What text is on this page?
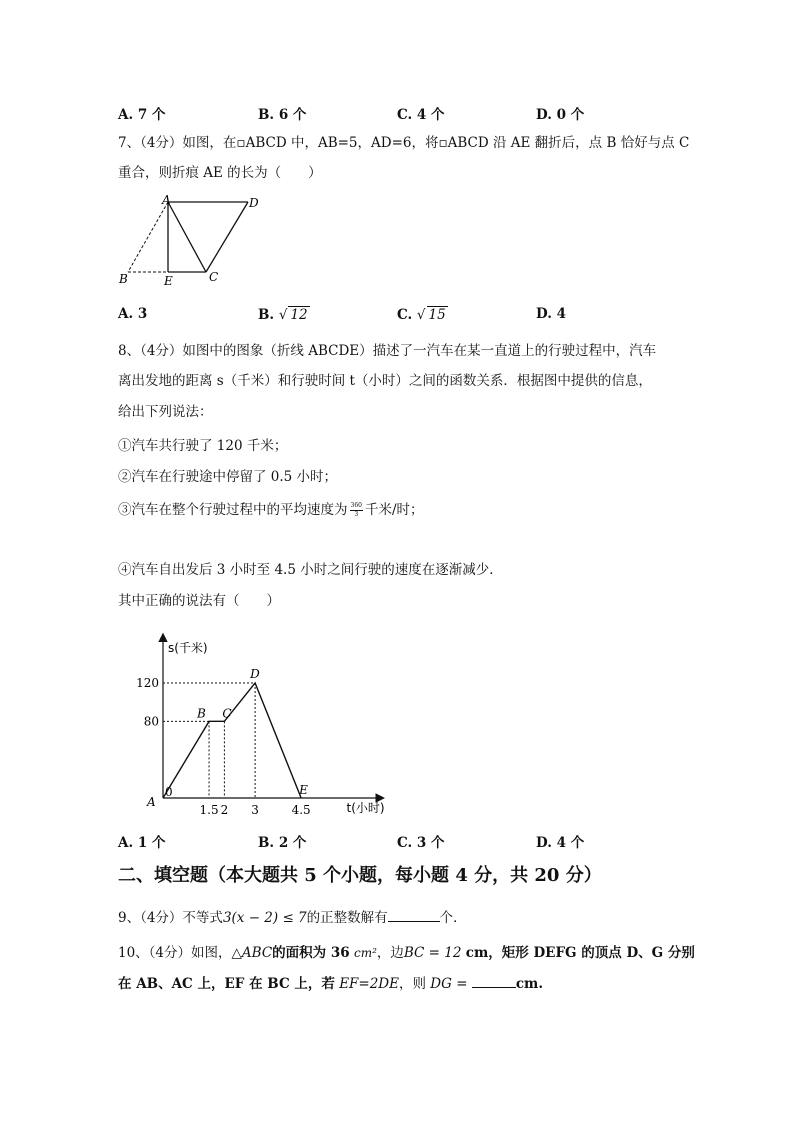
A. 7 个	B. 6 个	C. 4 个	D. 0 个
7、（4分）如图，在▫ABCD 中，AB=5，AD=6，将▫ABCD 沿 AE 翻折后，点 B 恰好与点 C
重合，则折痕 AE 的长为（　　）
A	D
B	E	C
A. 3	B. √ 12	C. √ 15	D. 4
8、（4分）如图中的图象（折线 ABCDE）描述了一汽车在某一直道上的行驶过程中，汽车
离出发地的距离 s（千米）和行驶时间 t（小时）之间的函数关系．根据图中提供的信息，
给出下列说法：
①汽车共行驶了 120 千米；
②汽车在行驶途中停留了 0.5 小时；
③汽车在整个行驶过程中的平均速度为 $\frac{360}{3}$ 千米/时；
④汽车自出发后 3 小时至 4.5 小时之间行驶的速度在逐渐减少．
其中正确的说法有（　　）
1.5 2 3	4.5
80
120
A
B C
D
E
s(千米)
t(小时)
0
A. 1 个	B. 2 个	C. 3 个	D. 4 个
二、填空题（本大题共 5 个小题，每小题 4 分，共 20 分）
9、（4分）不等式3(x − 2) ≤ 7的正整数解有	个．
10、（4分）如图，△ABC的面积为 36 cm²，边BC = 12 cm，矩形 DEFG 的顶点 D、G 分别
在 AB、AC 上，EF 在 BC 上，若 EF=2DE，则 DG =	cm.
